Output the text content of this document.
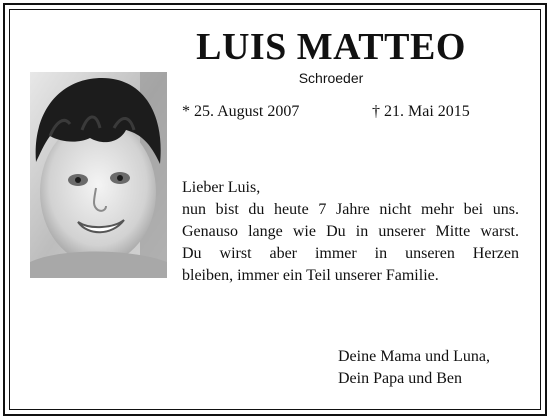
LUIS MATTEO
Schroeder
* 25. August 2007	† 21. Mai 2015
Lieber Luis,
nun bist du heute 7 Jahre nicht mehr bei uns.
Genauso lange wie Du in unserer Mitte warst.
Du wirst aber immer in unseren Herzen
bleiben, immer ein Teil unserer Familie.
Deine Mama und Luna,
Dein Papa und Ben
